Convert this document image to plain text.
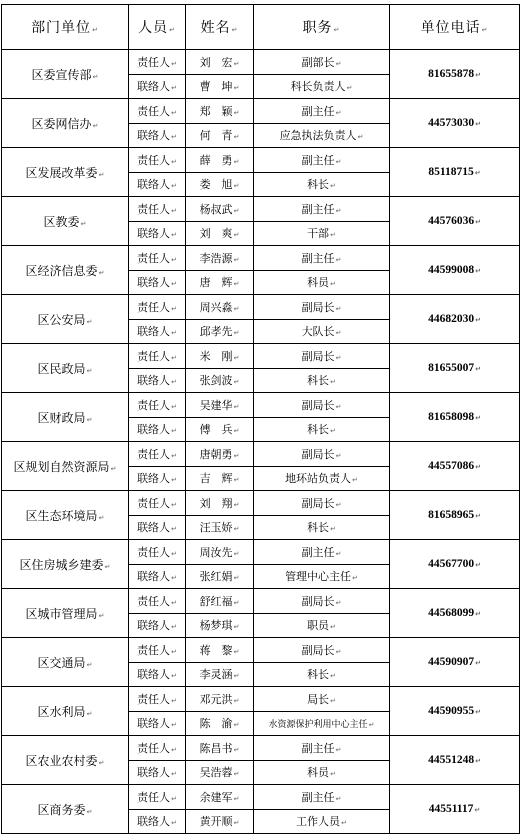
部门单位↵	人员↵	姓名↵	职务↵	单位电话↵
区委宣传部↵	责任人↵	刘　宏↵	副部长↵	81655878↵
	联络人↵	曹　坤↵	科长负责人↵	
区委网信办↵	责任人↵	郑　颖↵	副主任↵	44573030↵
	联络人↵	何　青↵	应急执法负责人↵	
区发展改革委↵	责任人↵	薛　勇↵	副主任↵	85118715↵
	联络人↵	娄　旭↵	科长↵	
区教委↵	责任人↵	杨叔武↵	副主任↵	44576036↵
	联络人↵	刘　爽↵	干部↵	
区经济信息委↵	责任人↵	李浩源↵	副主任↵	44599008↵
	联络人↵	唐　辉↵	科员↵	
区公安局↵	责任人↵	周兴淼↵	副局长↵	44682030↵
	联络人↵	邱孝先↵	大队长↵	
区民政局↵	责任人↵	米　刚↵	副局长↵	81655007↵
	联络人↵	张剑波↵	科长↵	
区财政局↵	责任人↵	吴建华↵	副局长↵	81658098↵
	联络人↵	傅　兵↵	科长↵	
区规划自然资源局↵	责任人↵	唐朝勇↵	副局长↵	44557086↵
	联络人↵	吉　辉↵	地环站负责人↵	
区生态环境局↵	责任人↵	刘　翔↵	副局长↵	81658965↵
	联络人↵	汪玉娇↵	科长↵	
区住房城乡建委↵	责任人↵	周汝先↵	副主任↵	44567700↵
	联络人↵	张红娟↵	管理中心主任↵	
区城市管理局↵	责任人↵	舒红福↵	副局长↵	44568099↵
	联络人↵	杨梦琪↵	职员↵	
区交通局↵	责任人↵	蒋　黎↵	副局长↵	44590907↵
	联络人↵	李灵涵↵	科长↵	
区水利局↵	责任人↵	邓元洪↵	局长↵	44590955↵
	联络人↵	陈　渝↵	水资源保护利用中心主任↵	
区农业农村委↵	责任人↵	陈昌书↵	副主任↵	44551248↵
	联络人↵	吴浩蓉↵	科员↵	
区商务委↵	责任人↵	余建军↵	副主任↵	44551117↵
	联络人↵	黄开顺↵	工作人员↵	
